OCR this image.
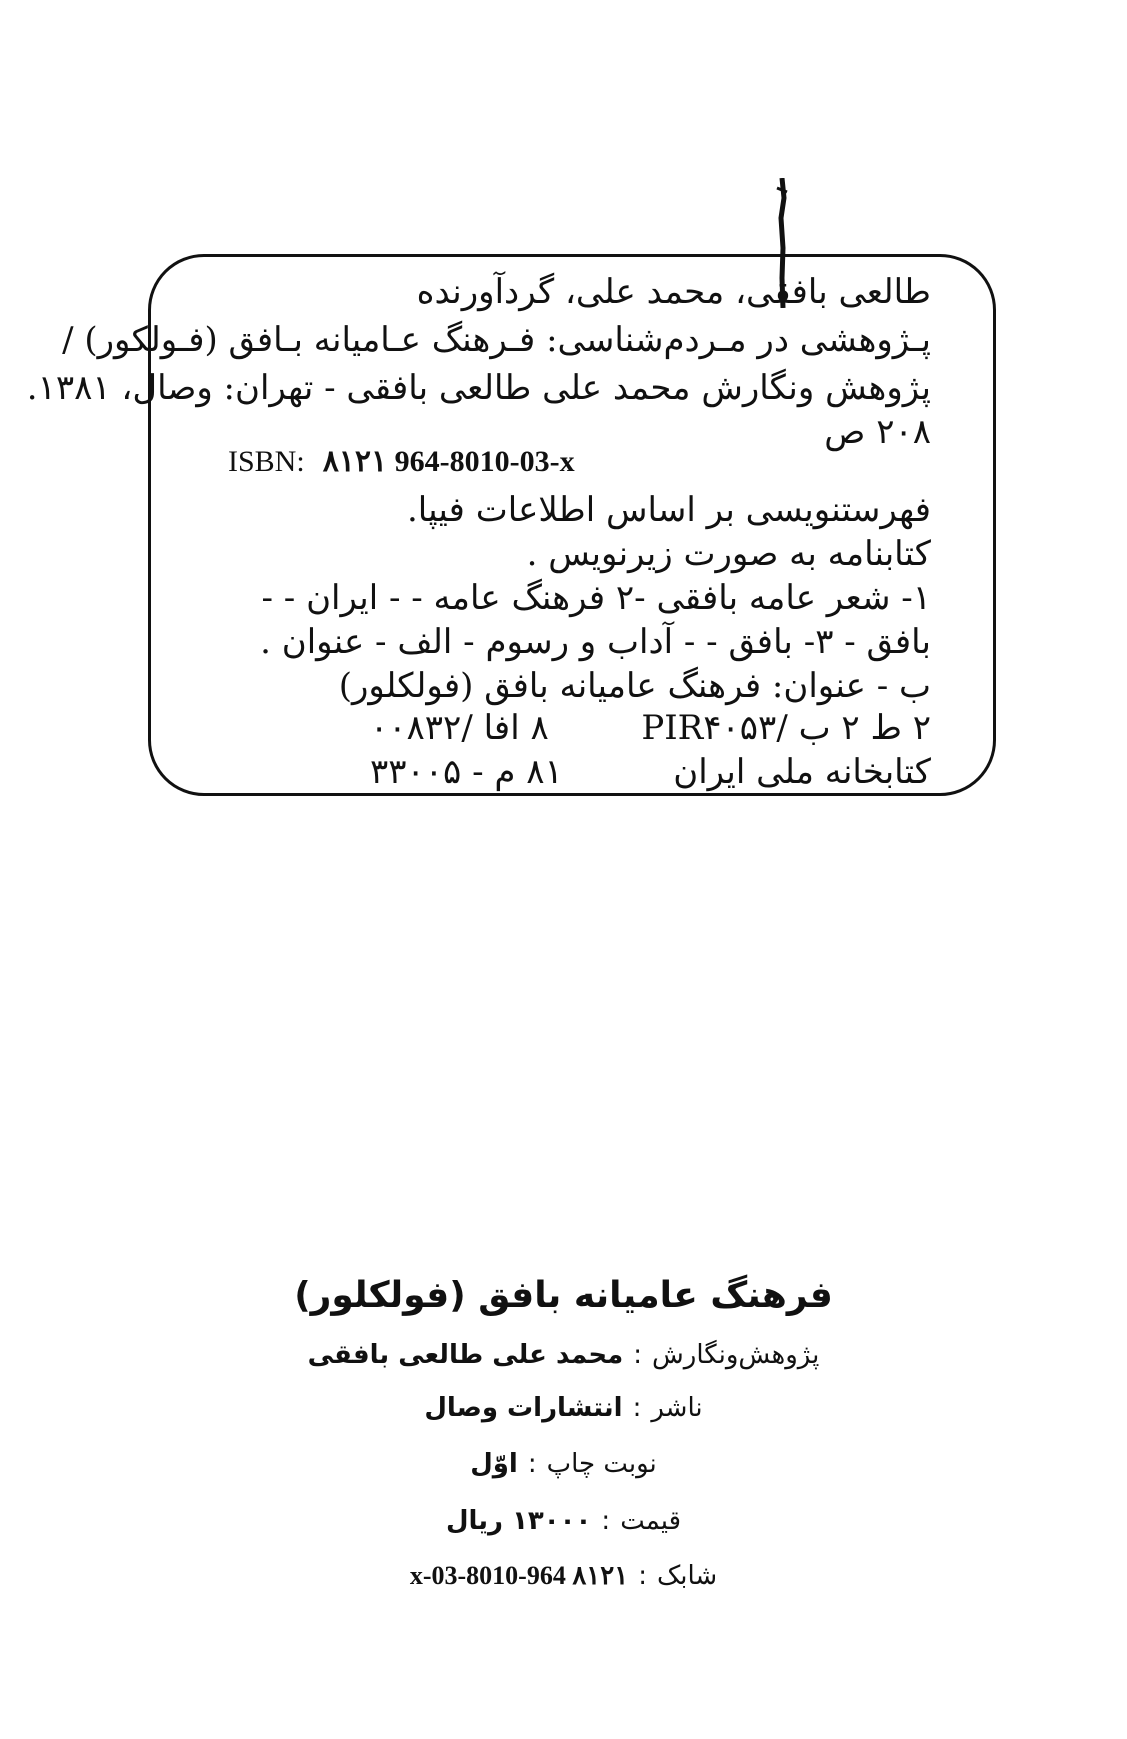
طالعی بافقی، محمد علی، گردآورنده
پـژوهشی در مـردم‌شناسی: فـرهنگ عـامیانه بـافق (فـولکور) /
پژوهش ونگارش محمد علی طالعی بافقی - تهران: وصال، ۱۳۸۱.
۲۰۸ ص
ISBN: ۸۱۲۱ 964-8010-03-x
فهرستنویسی بر اساس اطلاعات فیپا.
کتابنامه به صورت زیرنویس .
۱- شعر عامه بافقی -۲ فرهنگ عامه - - ایران - -
بافق - ۳- بافق - - آداب و رسوم - الف - عنوان .
ب - عنوان: فرهنگ عامیانه بافق (فولکلور)
۲ ط ۲ ب /PIR۴۰۵۳
۸ افا /۰۰۸۳۲
کتابخانه ملی ایران
۸۱ م - ۳۳۰۰۵
فرهنگ عامیانه بافق (فولکلور)
پژوهش‌ونگارش:محمد علی طالعی بافقی
ناشر:انتشارات وصال
نوبت چاپ:اوّل
قیمت:۱۳۰۰۰ ریال
شابک:۸۱۲۱ 964-8010-03-x
